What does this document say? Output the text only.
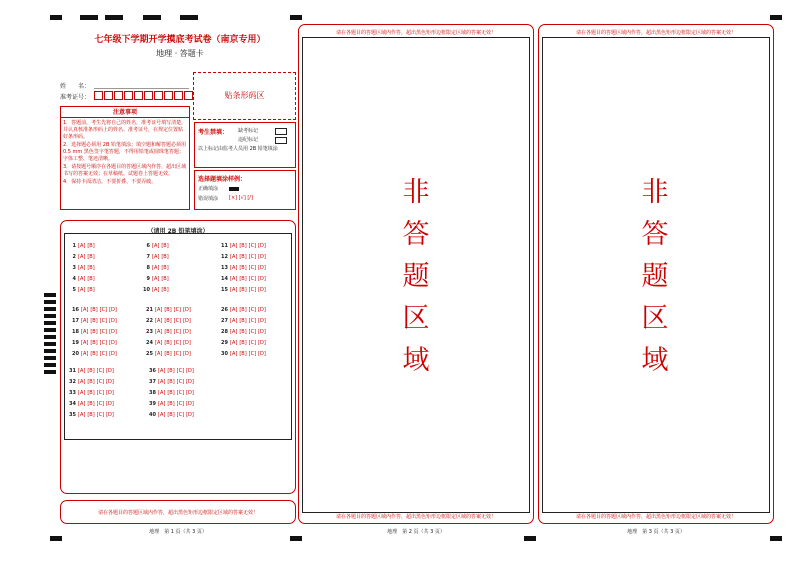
七年级下学期开学摸底考试卷（南京专用）
地理 · 答题卡
姓　　名：
准考证号：	贴条形码区
注意事项
1．答题前，考生先将自己的姓名，准考证号填写清楚，并认真核准条形码上的姓名、准考证号，在规定位置贴好条形码。
2．选择题必须用 2B 铅笔填涂；填空题和解答题必须用 0.5 mm 黑色签字笔答题，不得用铅笔或圆珠笔答题；字体工整、笔迹清晰。
3．请按题号顺序在各题目的答题区域内作答，超出区域书写的答案无效；在草稿纸、试题卷上答题无效。
4．保持卡面清洁，不要折叠、不要弄破。
考生禁填： 缺考标记
违纪标记
以上标记由监考人员用 2B 铅笔填涂
选择题填涂样例：
正确填涂
错误填涂 [×] [√] [/]
（请用 2B 铅笔填涂）
1 [A] [B]
2 [A] [B]
3 [A] [B]
4 [A] [B]
5 [A] [B]
6 [A] [B]
7 [A] [B]
8 [A] [B]
9 [A] [B]
10 [A] [B]
11 [A] [B] [C] [D]
12 [A] [B] [C] [D]
13 [A] [B] [C] [D]
14 [A] [B] [C] [D]
15 [A] [B] [C] [D]
16 [A] [B] [C] [D]
17 [A] [B] [C] [D]
18 [A] [B] [C] [D]
19 [A] [B] [C] [D]
20 [A] [B] [C] [D]
21 [A] [B] [C] [D]
22 [A] [B] [C] [D]
23 [A] [B] [C] [D]
24 [A] [B] [C] [D]
25 [A] [B] [C] [D]
26 [A] [B] [C] [D]
27 [A] [B] [C] [D]
28 [A] [B] [C] [D]
29 [A] [B] [C] [D]
30 [A] [B] [C] [D]
31 [A] [B] [C] [D]
32 [A] [B] [C] [D]
33 [A] [B] [C] [D]
34 [A] [B] [C] [D]
35 [A] [B] [C] [D]
36 [A] [B] [C] [D]
37 [A] [B] [C] [D]
38 [A] [B] [C] [D]
39 [A] [B] [C] [D]
40 [A] [B] [C] [D]
请在各题目的答题区域内作答，超出黑色矩形边框限定区域的答案无效！
地理　第 1 页（共 3 页）
请在各题目的答题区域内作答，超出黑色矩形边框限定区域的答案无效！
请在各题目的答题区域内作答，超出黑色矩形边框限定区域的答案无效！
非
答
题
区
域
地理　第 2 页（共 3 页）
请在各题目的答题区域内作答，超出黑色矩形边框限定区域的答案无效！
请在各题目的答题区域内作答，超出黑色矩形边框限定区域的答案无效！
非
答
题
区
域
地理　第 3 页（共 3 页）
